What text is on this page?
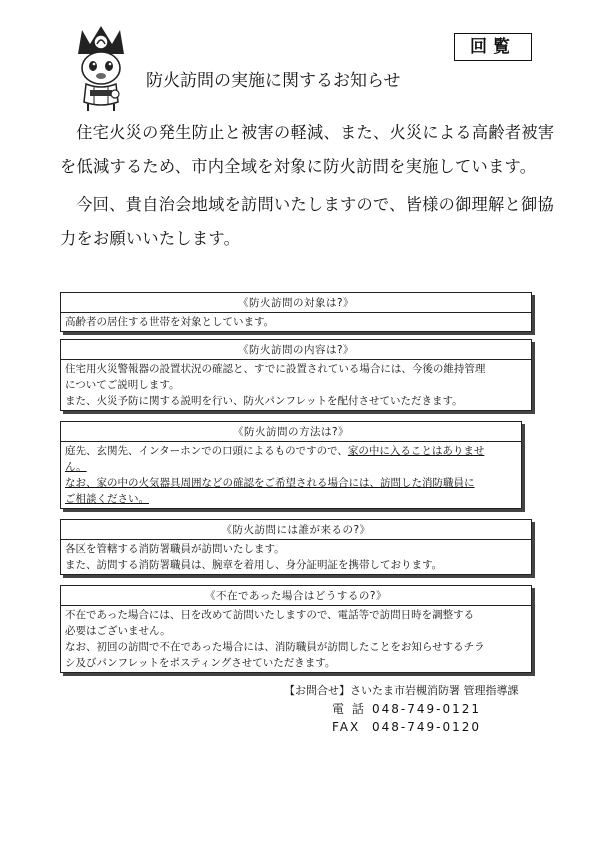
回覧
防火訪問の実施に関するお知らせ

住宅火災の発生防止と被害の軽減、また、火災による高齢者被害を低減するため、市内全域を対象に防火訪問を実施しています。

今回、貴自治会地域を訪問いたしますので、皆様の御理解と御協力をお願いいたします。

《防火訪問の対象は?》
高齢者の居住する世帯を対象としています。
《防火訪問の内容は?》
住宅用火災警報器の設置状況の確認と、すでに設置されている場合には、今後の維持管理
についてご説明します。
また、火災予防に関する説明を行い、防火パンフレットを配付させていただきます。
《防火訪問の方法は?》
庭先、玄関先、インターホンでの口頭によるものですので、家の中に入ることはありませ
ん。
なお、家の中の火気器具周囲などの確認をご希望される場合には、訪問した消防職員に
ご相談ください。
《防火訪問には誰が来るの?》
各区を管轄する消防署職員が訪問いたします。
また、訪問する消防署職員は、腕章を着用し、身分証明証を携帯しております。
《不在であった場合はどうするの?》
不在であった場合には、日を改めて訪問いたしますので、電話等で訪問日時を調整する
必要はございません。
なお、初回の訪問で不在であった場合には、消防職員が訪問したことをお知らせするチラ
シ及びパンフレットをポスティングさせていただきます。
【お問合せ】さいたま市岩槻消防署 管理指導課
電 話 048-749-0121
FAX 048-749-0120
